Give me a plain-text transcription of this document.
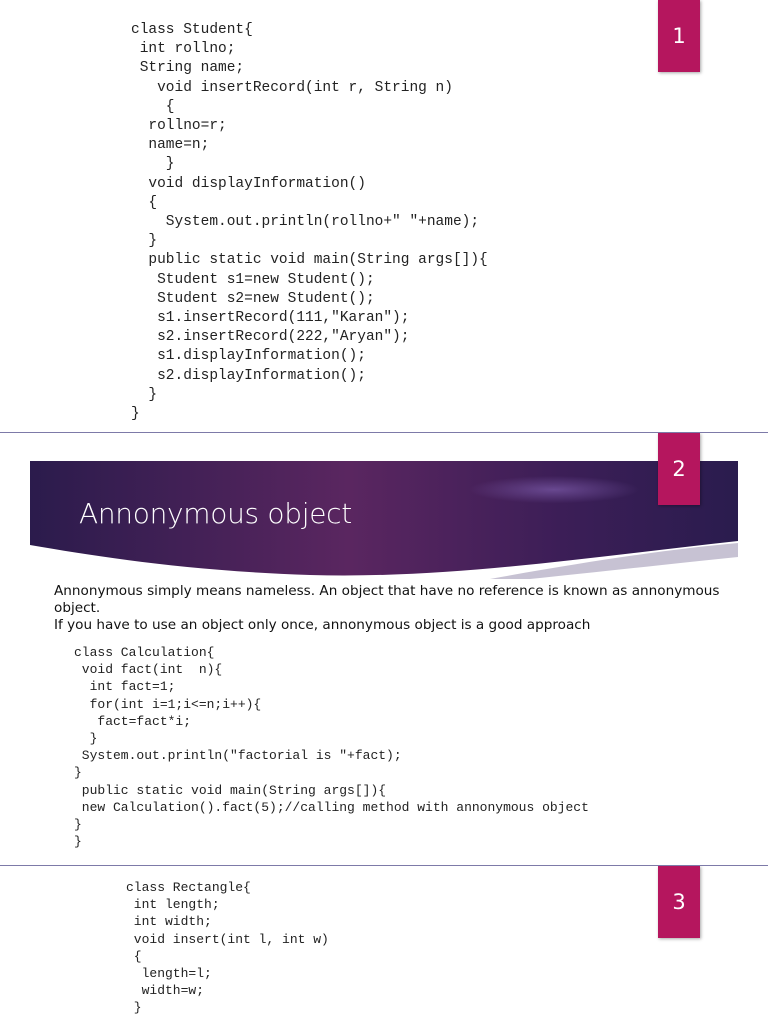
class Student{
int rollno;
String name;
void insertRecord(int r, String n)
{
rollno=r;
name=n;
}
void displayInformation()
{
System.out.println(rollno+" "+name);
}
public static void main(String args[]){
Student s1=new Student();
Student s2=new Student();
s1.insertRecord(111,"Karan");
s2.insertRecord(222,"Aryan");
s1.displayInformation();
s2.displayInformation();
}
}
1
Annonymous object
2

Annonymous simply means nameless. An object that have no reference is known as annonymous object.

If you have to use an object only once, annonymous object is a good approach

class Calculation{
void fact(int  n){
int fact=1;
for(int i=1;i<=n;i++){
fact=fact*i;
}
System.out.println("factorial is "+fact);
}
public static void main(String args[]){
new Calculation().fact(5);//calling method with annonymous object
}
}
class Rectangle{
int length;
int width;
void insert(int l, int w)
{
length=l;
width=w;
}
3
